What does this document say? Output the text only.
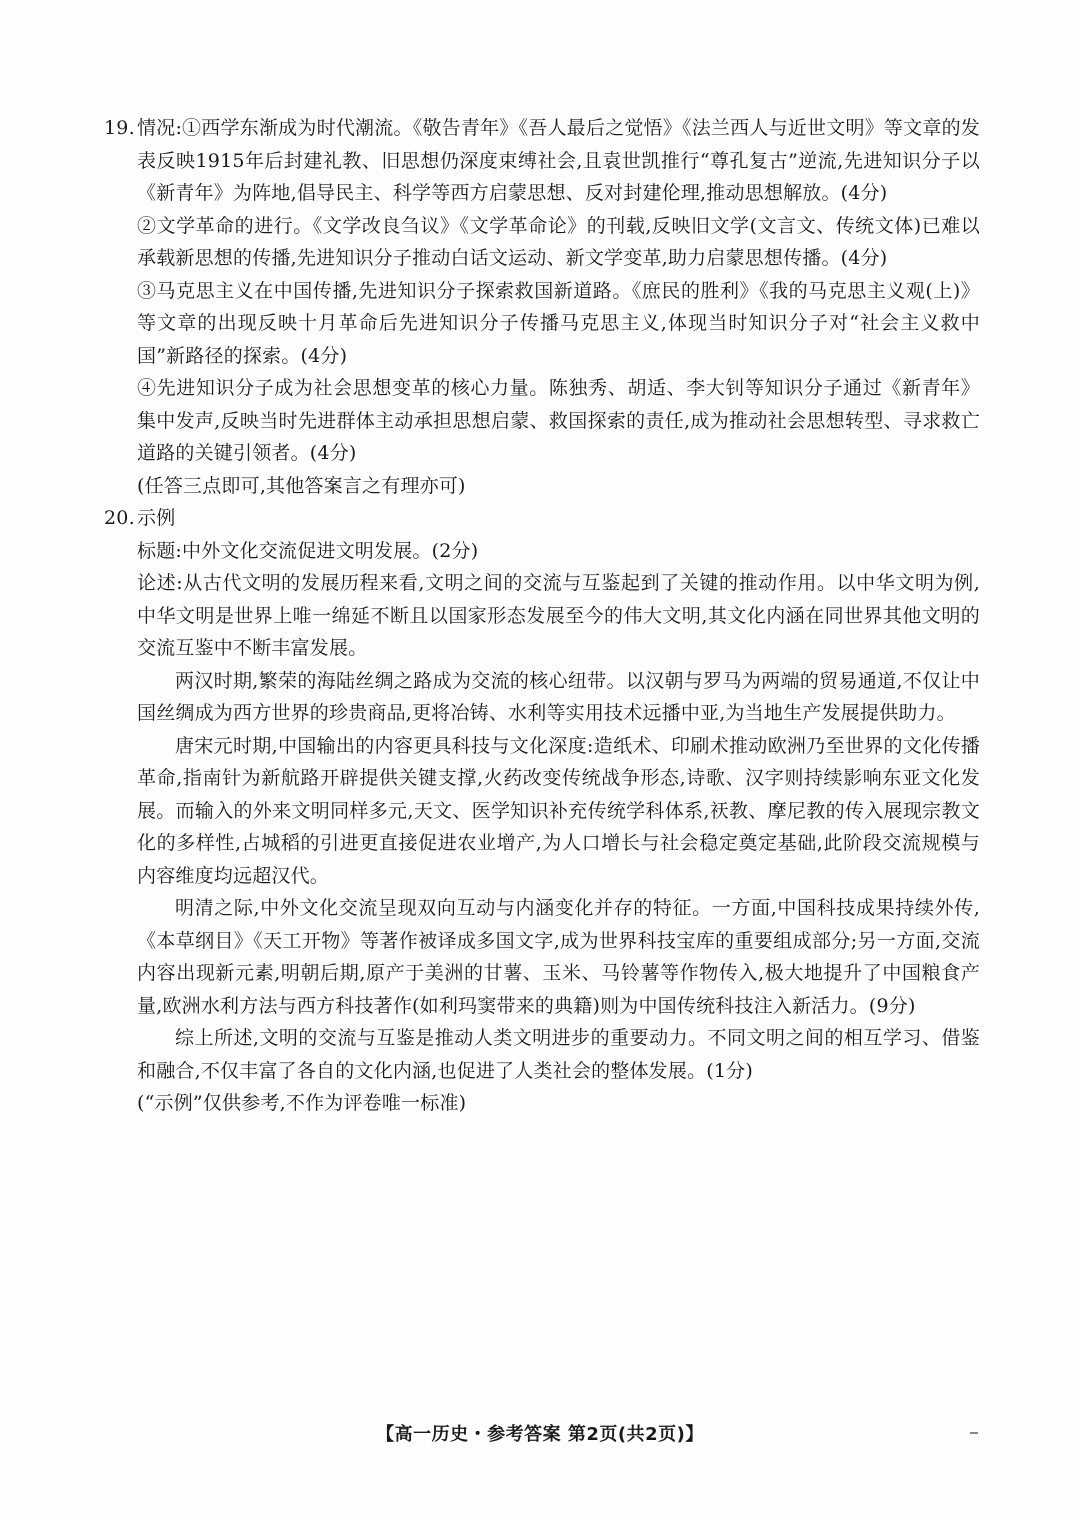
19. 情况:①西学东渐成为时代潮流。《敬告青年》《吾人最后之觉悟》《法兰西人与近世文明》等文章的发表反映1915年后封建礼教、旧思想仍深度束缚社会,且袁世凯推行“尊孔复古”逆流,先进知识分子以《新青年》为阵地,倡导民主、科学等西方启蒙思想、反对封建伦理,推动思想解放。(4分)

②文学革命的进行。《文学改良刍议》《文学革命论》的刊载,反映旧文学(文言文、传统文体)已难以承载新思想的传播,先进知识分子推动白话文运动、新文学变革,助力启蒙思想传播。(4分)

③马克思主义在中国传播,先进知识分子探索救国新道路。《庶民的胜利》《我的马克思主义观(上)》等文章的出现反映十月革命后先进知识分子传播马克思主义,体现当时知识分子对“社会主义救中国”新路径的探索。(4分)

④先进知识分子成为社会思想变革的核心力量。陈独秀、胡适、李大钊等知识分子通过《新青年》集中发声,反映当时先进群体主动承担思想启蒙、救国探索的责任,成为推动社会思想转型、寻求救亡道路的关键引领者。(4分)

(任答三点即可,其他答案言之有理亦可)

20. 示例

标题:中外文化交流促进文明发展。(2分)

论述:从古代文明的发展历程来看,文明之间的交流与互鉴起到了关键的推动作用。以中华文明为例,中华文明是世界上唯一绵延不断且以国家形态发展至今的伟大文明,其文化内涵在同世界其他文明的交流互鉴中不断丰富发展。

两汉时期,繁荣的海陆丝绸之路成为交流的核心纽带。以汉朝与罗马为两端的贸易通道,不仅让中国丝绸成为西方世界的珍贵商品,更将冶铸、水利等实用技术远播中亚,为当地生产发展提供助力。

唐宋元时期,中国输出的内容更具科技与文化深度:造纸术、印刷术推动欧洲乃至世界的文化传播革命,指南针为新航路开辟提供关键支撑,火药改变传统战争形态,诗歌、汉字则持续影响东亚文化发展。而输入的外来文明同样多元,天文、医学知识补充传统学科体系,祆教、摩尼教的传入展现宗教文化的多样性,占城稻的引进更直接促进农业增产,为人口增长与社会稳定奠定基础,此阶段交流规模与内容维度均远超汉代。

明清之际,中外文化交流呈现双向互动与内涵变化并存的特征。一方面,中国科技成果持续外传,《本草纲目》《天工开物》等著作被译成多国文字,成为世界科技宝库的重要组成部分;另一方面,交流内容出现新元素,明朝后期,原产于美洲的甘薯、玉米、马铃薯等作物传入,极大地提升了中国粮食产量,欧洲水利方法与西方科技著作(如利玛窦带来的典籍)则为中国传统科技注入新活力。(9分)

综上所述,文明的交流与互鉴是推动人类文明进步的重要动力。不同文明之间的相互学习、借鉴和融合,不仅丰富了各自的文化内涵,也促进了人类社会的整体发展。(1分)

(“示例”仅供参考,不作为评卷唯一标准)

【高一历史・参考答案 第2页(共2页)】
